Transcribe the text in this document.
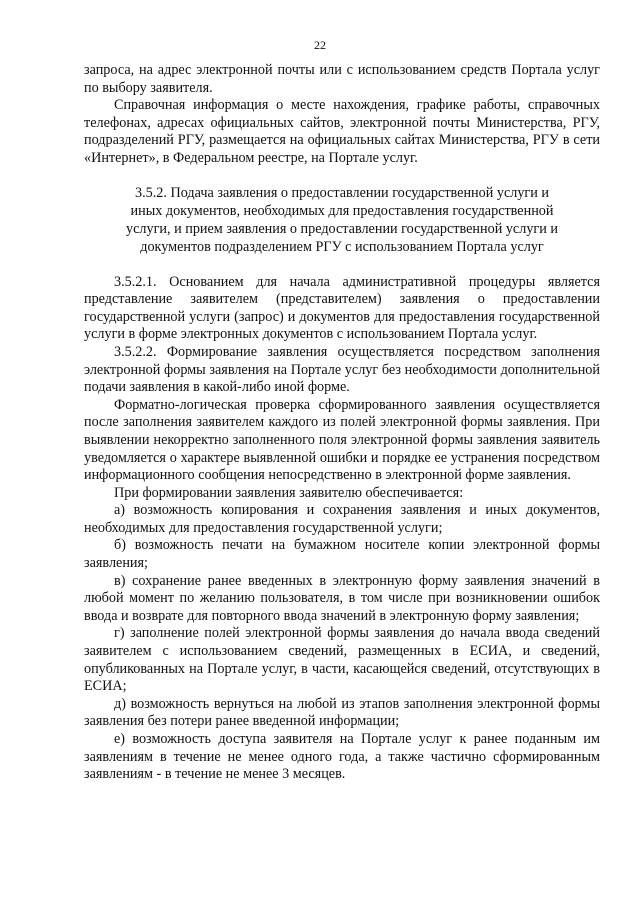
22

запроса, на адрес электронной почты или с использованием средств Портала услуг по выбору заявителя.

Справочная информация о месте нахождения, графике работы, справочных телефонах, адресах официальных сайтов, электронной почты Министерства, РГУ, подразделений РГУ, размещается на официальных сайтах Министерства, РГУ в сети «Интернет», в Федеральном реестре, на Портале услуг.

3.5.2. Подача заявления о предоставлении государственной услуги и иных документов, необходимых для предоставления государственной услуги, и прием заявления о предоставлении государственной услуги и документов подразделением РГУ с использованием Портала услуг

3.5.2.1. Основанием для начала административной процедуры является представление заявителем (представителем) заявления о предоставлении государственной услуги (запрос) и документов для предоставления государственной услуги в форме электронных документов с использованием Портала услуг.

3.5.2.2. Формирование заявления осуществляется посредством заполнения электронной формы заявления на Портале услуг без необходимости дополнительной подачи заявления в какой-либо иной форме.

Форматно-логическая проверка сформированного заявления осуществляется после заполнения заявителем каждого из полей электронной формы заявления. При выявлении некорректно заполненного поля электронной формы заявления заявитель уведомляется о характере выявленной ошибки и порядке ее устранения посредством информационного сообщения непосредственно в электронной форме заявления.

При формировании заявления заявителю обеспечивается:

а) возможность копирования и сохранения заявления и иных документов, необходимых для предоставления государственной услуги;

б) возможность печати на бумажном носителе копии электронной формы заявления;

в) сохранение ранее введенных в электронную форму заявления значений в любой момент по желанию пользователя, в том числе при возникновении ошибок ввода и возврате для повторного ввода значений в электронную форму заявления;

г) заполнение полей электронной формы заявления до начала ввода сведений заявителем с использованием сведений, размещенных в ЕСИА, и сведений, опубликованных на Портале услуг, в части, касающейся сведений, отсутствующих в ЕСИА;

д) возможность вернуться на любой из этапов заполнения электронной формы заявления без потери ранее введенной информации;

е) возможность доступа заявителя на Портале услуг к ранее поданным им заявлениям в течение не менее одного года, а также частично сформированным заявлениям - в течение не менее 3 месяцев.
